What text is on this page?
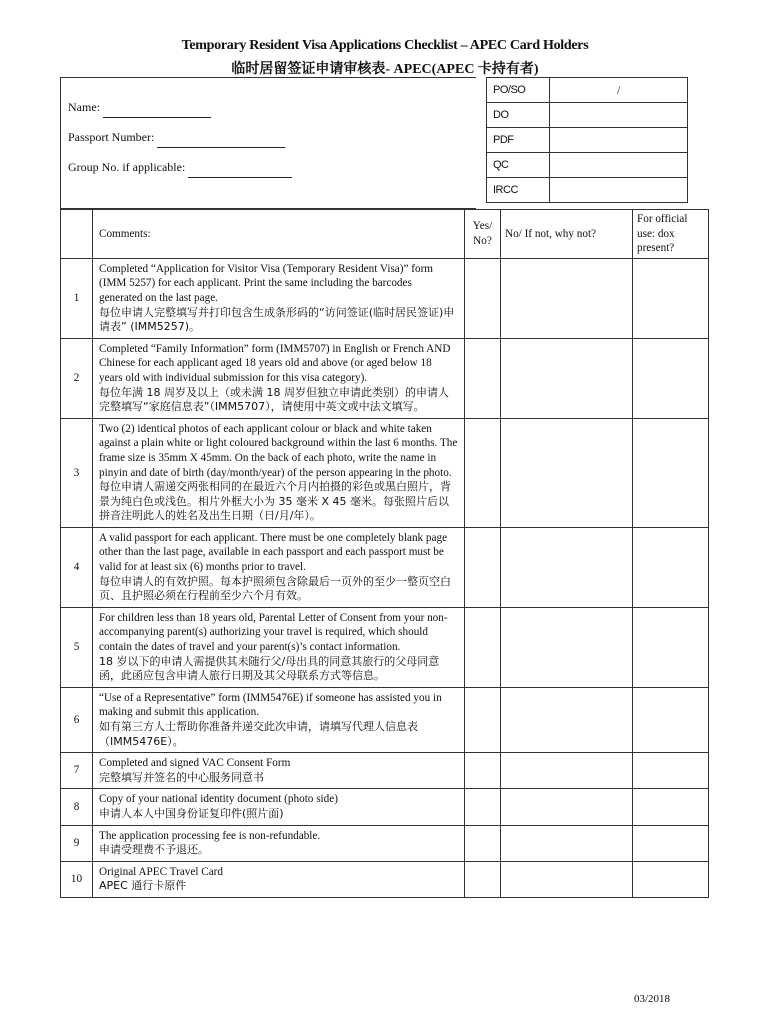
Temporary Resident Visa Applications Checklist – APEC Card Holders
临时居留签证申请审核表- APEC(APEC 卡持有者)
Name:
Passport Number:
Group No. if applicable:
PO/SO	/
DO	
PDF	
QC	
IRCC	
	Comments:	Yes/ No?	No/ If not, why not?	For official use: dox present?
1	Completed “Application for Visitor Visa (Temporary Resident Visa)” form (IMM 5257) for each applicant. Print the same including the barcodes generated on the last page.
每位申请人完整填写并打印包含生成条形码的“访问签证(临时居民签证)申请表” (IMM5257)。			

2	Completed “Family Information” form (IMM5707) in English or French AND Chinese for each applicant aged 18 years old and above (or aged below 18 years old with individual submission for this visa category).
每位年满 18 周岁及以上（或未满 18 周岁但独立申请此类别）的申请人完整填写“家庭信息表”（IMM5707），请使用中英文或中法文填写。			

3	Two (2) identical photos of each applicant colour or black and white taken against a plain white or light coloured background within the last 6 months. The frame size is 35mm X 45mm. On the back of each photo, write the name in pinyin and date of birth (day/month/year) of the person appearing in the photo.
每位申请人需递交两张相同的在最近六个月内拍摄的彩色或黑白照片，背景为纯白色或浅色。相片外框大小为 35 毫米 X 45 毫米。每张照片后以拼音注明此人的姓名及出生日期（日/月/年）。			

4	A valid passport for each applicant. There must be one completely blank page other than the last page, available in each passport and each passport must be valid for at least six (6) months prior to travel.
每位申请人的有效护照。每本护照须包含除最后一页外的至少一整页空白页、且护照必须在行程前至少六个月有效。			

5	For children less than 18 years old, Parental Letter of Consent from your non-accompanying parent(s) authorizing your travel is required, which should contain the dates of travel and your parent(s)’s contact information.
18 岁以下的申请人需提供其未随行父/母出具的同意其旅行的父母同意函，此函应包含申请人旅行日期及其父母联系方式等信息。			

6	“Use of a Representative” form (IMM5476E) if someone has assisted you in making and submit this application.
如有第三方人士帮助你准备并递交此次申请，请填写代理人信息表（IMM5476E）。			

7	Completed and signed VAC Consent Form
完整填写并签名的中心服务同意书			

8	Copy of your national identity document (photo side)
申请人本人中国身份证复印件(照片面)			

9	The application processing fee is non-refundable.
申请受理费不予退还。			

10	Original APEC Travel Card
APEC 通行卡原件			

03/2018
